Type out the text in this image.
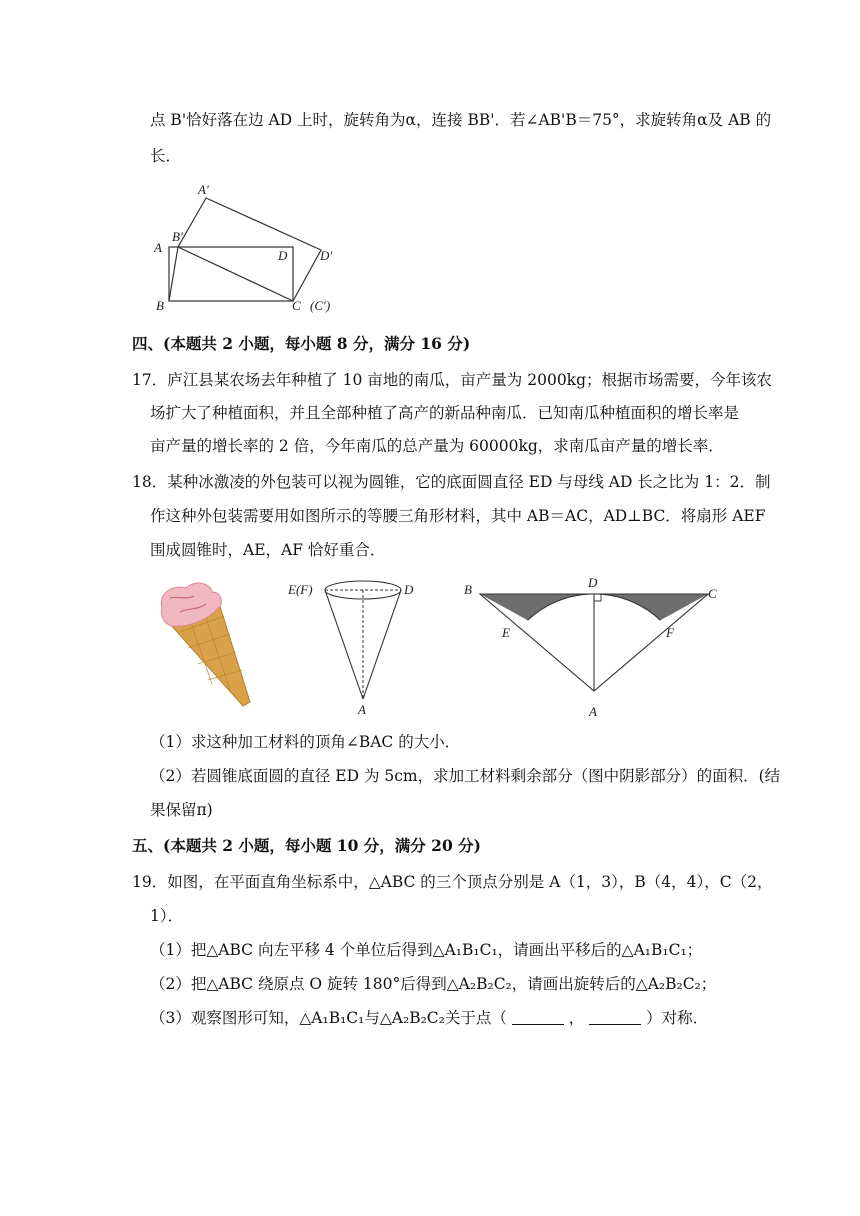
点 B'恰好落在边 AD 上时，旋转角为α，连接 BB'．若∠AB'B＝75°，求旋转角α及 AB 的
长．
A′
B′
A
B
D	D′
C (C′)
四、(本题共 2 小题，每小题 8 分，满分 16 分)
17．庐江县某农场去年种植了 10 亩地的南瓜，亩产量为 2000kg；根据市场需要，今年该农
场扩大了种植面积，并且全部种植了高产的新品种南瓜．已知南瓜种植面积的增长率是
亩产量的增长率的 2 倍，今年南瓜的总产量为 60000kg，求南瓜亩产量的增长率．
18．某种冰激凌的外包装可以视为圆锥，它的底面圆直径 ED 与母线 AD 长之比为 1：2．制
作这种外包装需要用如图所示的等腰三角形材料，其中 AB＝AC，AD⊥BC．将扇形 AEF
围成圆锥时，AE，AF 恰好重合．
E(F)	D
A
B	D
C
E	F
A
（1）求这种加工材料的顶角∠BAC 的大小．
（2）若圆锥底面圆的直径 ED 为 5cm，求加工材料剩余部分（图中阴影部分）的面积．(结
果保留π)
五、(本题共 2 小题，每小题 10 分，满分 20 分)
19．如图，在平面直角坐标系中，△ABC 的三个顶点分别是 A（1，3），B（4，4），C（2，
1）．
（1）把△ABC 向左平移 4 个单位后得到△A₁B₁C₁，请画出平移后的△A₁B₁C₁；
（2）把△ABC 绕原点 O 旋转 180°后得到△A₂B₂C₂，请画出旋转后的△A₂B₂C₂；
（3）观察图形可知，△A₁B₁C₁与△A₂B₂C₂关于点（	，	）对称．
